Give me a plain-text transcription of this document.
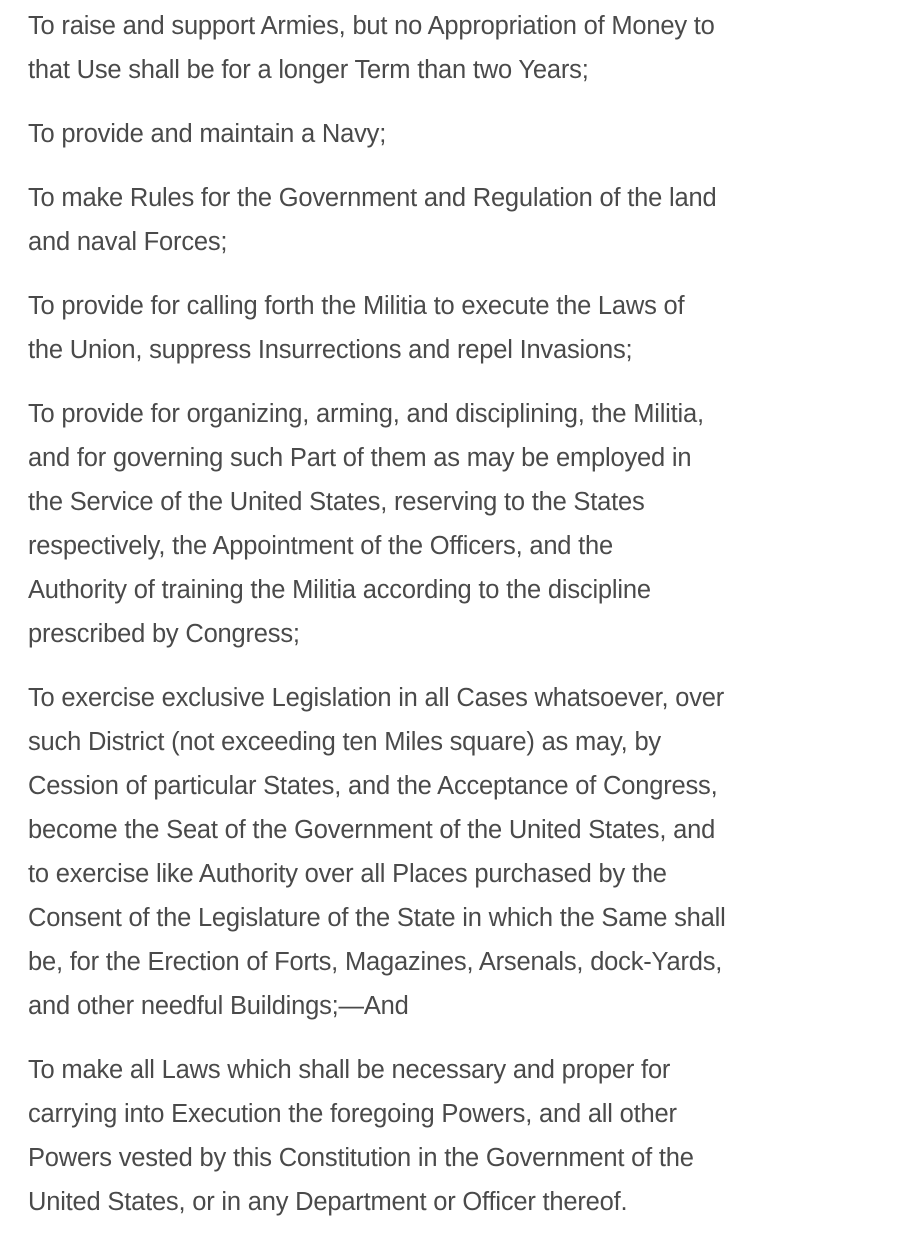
To raise and support Armies, but no Appropriation of Money to
that Use shall be for a longer Term than two Years;

To provide and maintain a Navy;

To make Rules for the Government and Regulation of the land
and naval Forces;

To provide for calling forth the Militia to execute the Laws of
the Union, suppress Insurrections and repel Invasions;

To provide for organizing, arming, and disciplining, the Militia,
and for governing such Part of them as may be employed in
the Service of the United States, reserving to the States
respectively, the Appointment of the Officers, and the
Authority of training the Militia according to the discipline
prescribed by Congress;

To exercise exclusive Legislation in all Cases whatsoever, over
such District (not exceeding ten Miles square) as may, by
Cession of particular States, and the Acceptance of Congress,
become the Seat of the Government of the United States, and
to exercise like Authority over all Places purchased by the
Consent of the Legislature of the State in which the Same shall
be, for the Erection of Forts, Magazines, Arsenals, dock-Yards,
and other needful Buildings;—And

To make all Laws which shall be necessary and proper for
carrying into Execution the foregoing Powers, and all other
Powers vested by this Constitution in the Government of the
United States, or in any Department or Officer thereof.
